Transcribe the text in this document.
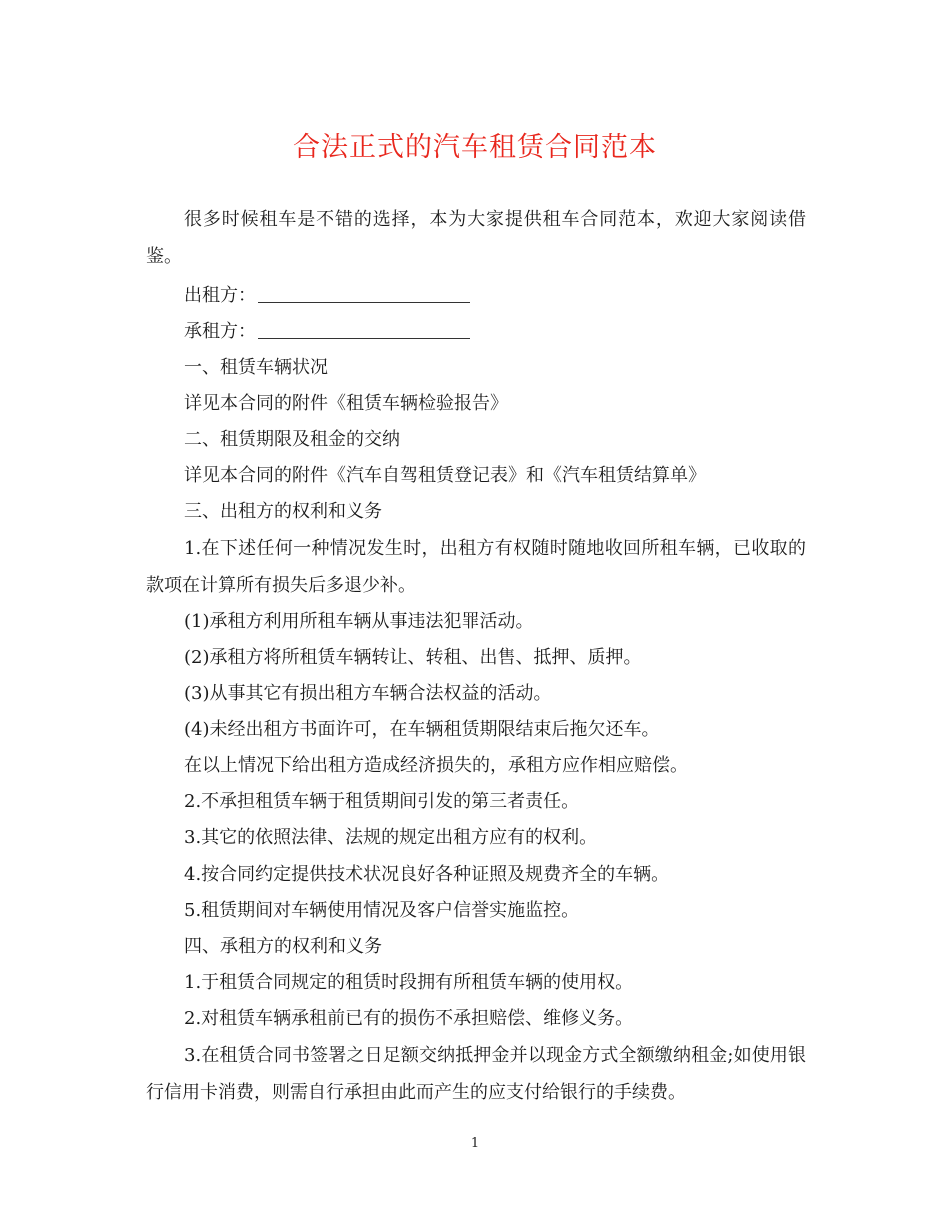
合法正式的汽车租赁合同范本

很多时候租车是不错的选择，本为大家提供租车合同范本，欢迎大家阅读借鉴。

出租方：

承租方：

一、租赁车辆状况

详见本合同的附件《租赁车辆检验报告》

二、租赁期限及租金的交纳

详见本合同的附件《汽车自驾租赁登记表》和《汽车租赁结算单》

三、出租方的权利和义务

1.在下述任何一种情况发生时，出租方有权随时随地收回所租车辆，已收取的款项在计算所有损失后多退少补。

(1)承租方利用所租车辆从事违法犯罪活动。

(2)承租方将所租赁车辆转让、转租、出售、抵押、质押。

(3)从事其它有损出租方车辆合法权益的活动。

(4)未经出租方书面许可，在车辆租赁期限结束后拖欠还车。

在以上情况下给出租方造成经济损失的，承租方应作相应赔偿。

2.不承担租赁车辆于租赁期间引发的第三者责任。

3.其它的依照法律、法规的规定出租方应有的权利。

4.按合同约定提供技术状况良好各种证照及规费齐全的车辆。

5.租赁期间对车辆使用情况及客户信誉实施监控。

四、承租方的权利和义务

1.于租赁合同规定的租赁时段拥有所租赁车辆的使用权。

2.对租赁车辆承租前已有的损伤不承担赔偿、维修义务。

3.在租赁合同书签署之日足额交纳抵押金并以现金方式全额缴纳租金;如使用银行信用卡消费，则需自行承担由此而产生的应支付给银行的手续费。

1
